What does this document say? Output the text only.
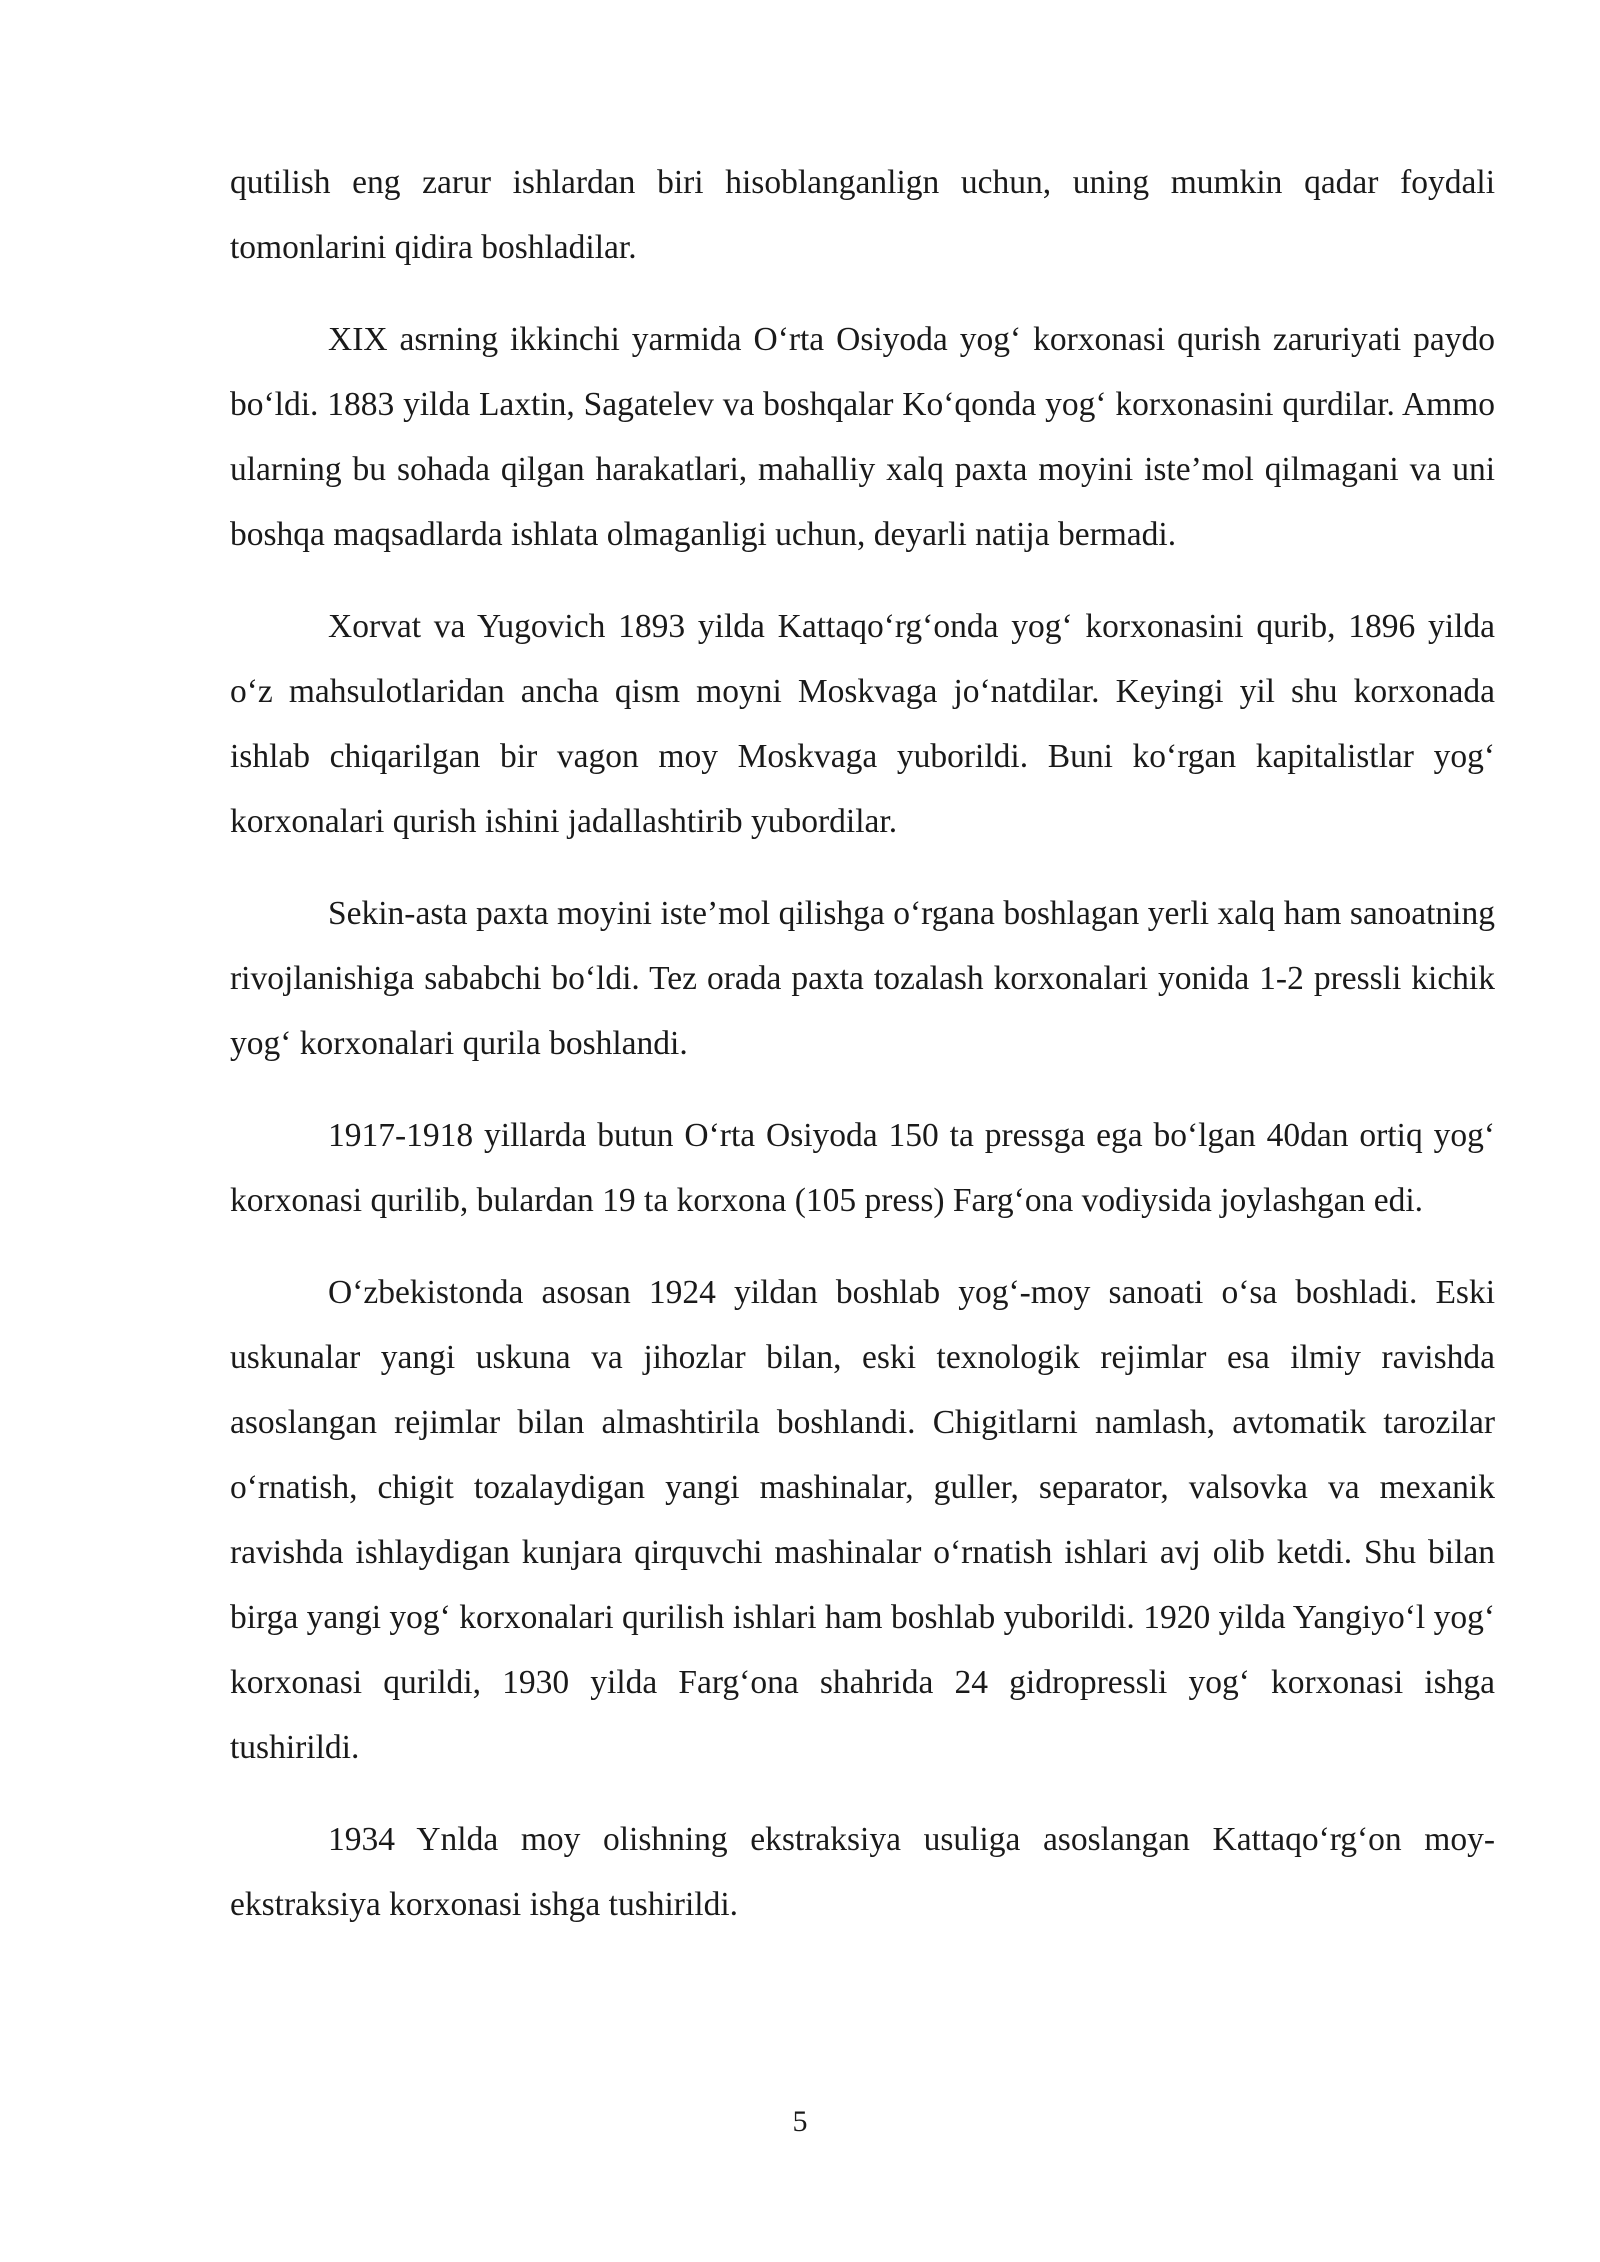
qutilish eng zarur ishlardan biri hisoblanganlign uchun, uning mumkin qadar foydali tomonlarini qidira boshladilar.

XIX asrning ikkinchi yarmida O‘rta Osiyoda yog‘ korxonasi qurish zaruriyati paydo bo‘ldi. 1883 yilda Laxtin, Sagatelev va boshqalar Ko‘qonda yog‘ korxonasini qurdilar. Ammo ularning bu sohada qilgan harakatlari, mahalliy xalq paxta moyini iste’mol qilmagani va uni boshqa maqsadlarda ishlata olmaganligi uchun, deyarli natija bermadi.

Xorvat va Yugovich 1893 yilda Kattaqo‘rg‘onda yog‘ korxonasini qurib, 1896 yilda o‘z mahsulotlaridan ancha qism moyni Moskvaga jo‘natdilar. Keyingi yil shu korxonada ishlab chiqarilgan bir vagon moy Moskvaga yuborildi. Buni ko‘rgan kapitalistlar yog‘ korxonalari qurish ishini jadallashtirib yubordilar.

Sekin-asta paxta moyini iste’mol qilishga o‘rgana boshlagan yerli xalq ham sanoatning rivojlanishiga sababchi bo‘ldi. Tez orada paxta tozalash korxonalari yonida 1-2 pressli kichik yog‘ korxonalari qurila boshlandi.

1917-1918 yillarda butun O‘rta Osiyoda 150 ta pressga ega bo‘lgan 40dan ortiq yog‘ korxonasi qurilib, bulardan 19 ta korxona (105 press) Farg‘ona vodiysida joylashgan edi.

O‘zbekistonda asosan 1924 yildan boshlab yog‘-moy sanoati o‘sa boshladi. Eski uskunalar yangi uskuna va jihozlar bilan, eski texnologik rejimlar esa ilmiy ravishda asoslangan rejimlar bilan almashtirila boshlandi. Chigitlarni namlash, avtomatik tarozilar o‘rnatish, chigit tozalaydigan yangi mashinalar, guller, separator, valsovka va mexanik ravishda ishlaydigan kunjara qirquvchi mashinalar o‘rnatish ishlari avj olib ketdi. Shu bilan birga yangi yog‘ korxonalari qurilish ishlari ham boshlab yuborildi. 1920 yilda Yangiyo‘l yog‘ korxonasi qurildi, 1930 yilda Farg‘ona shahrida 24 gidropressli yog‘ korxonasi ishga tushirildi.

1934 Ynlda moy olishning ekstraksiya usuliga asoslangan Kattaqo‘rg‘on moy-ekstraksiya korxonasi ishga tushirildi.

5
